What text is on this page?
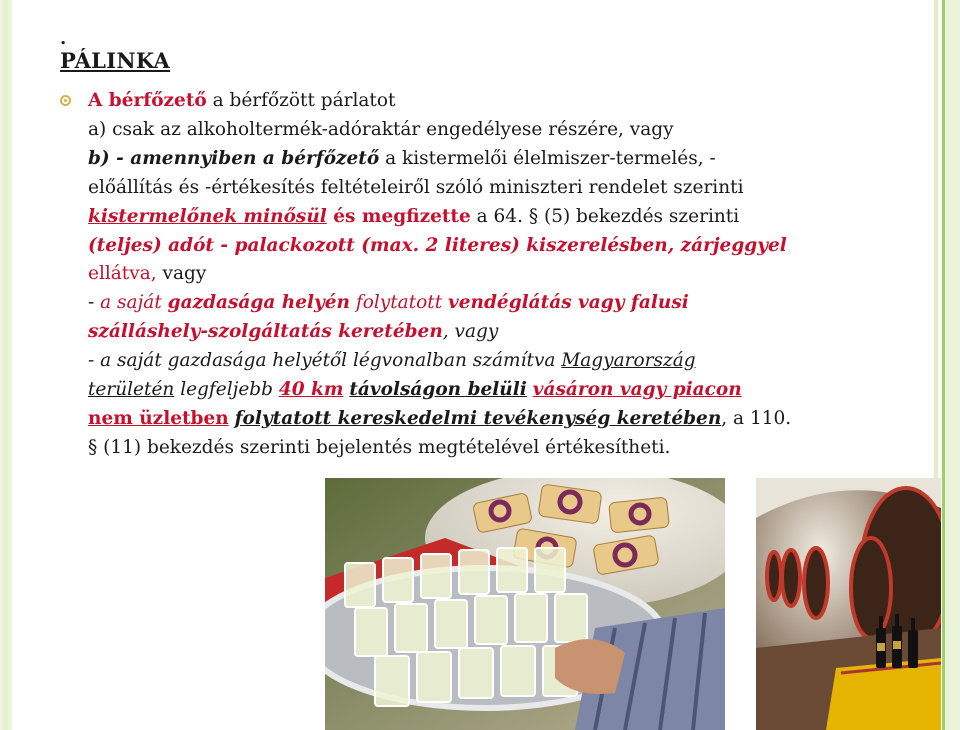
.
PÁLINKA
A bérfőzető a bérfőzött párlatot
a) csak az alkoholtermék-adóraktár engedélyese részére, vagy
b) - amennyiben a bérfőzető a kistermelői élelmiszer-termelés, -
előállítás és -értékesítés feltételeiről szóló miniszteri rendelet szerinti
kistermelőnek minősül és megfizette a 64. § (5) bekezdés szerinti
(teljes) adót - palackozott (max. 2 literes) kiszerelésben, zárjeggyel
ellátva, vagy
- a saját gazdasága helyén folytatott vendéglátás vagy falusi
szálláshely-szolgáltatás keretében, vagy
- a saját gazdasága helyétől légvonalban számítva Magyarország
területén legfeljebb 40 km távolságon belüli vásáron vagy piacon
nem üzletben folytatott kereskedelmi tevékenység keretében, a 110.
§ (11) bekezdés szerinti bejelentés megtételével értékesítheti.
